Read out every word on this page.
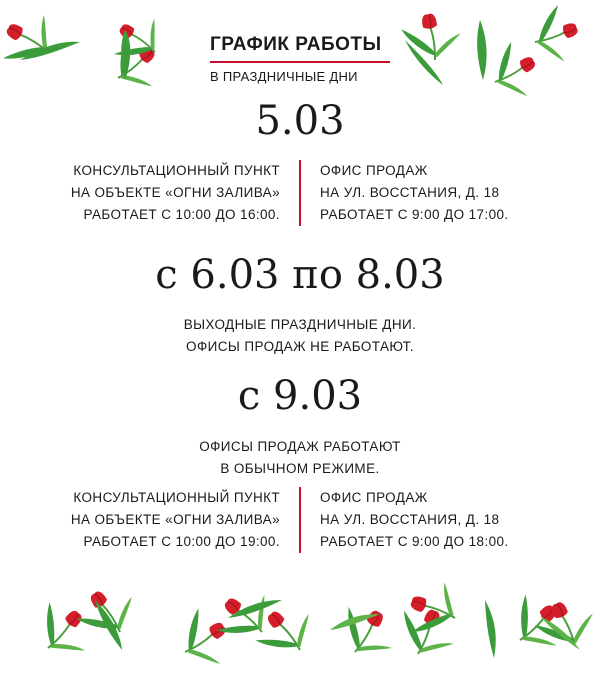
ГРАФИК РАБОТЫ
В ПРАЗДНИЧНЫЕ ДНИ
5.03
КОНСУЛЬТАЦИОННЫЙ ПУНКТ
НА ОБЪЕКТЕ «ОГНИ ЗАЛИВА»
РАБОТАЕТ С 10:00 ДО 16:00.
ОФИС ПРОДАЖ
НА УЛ. ВОССТАНИЯ, Д. 18
РАБОТАЕТ С 9:00 ДО 17:00.
с 6.03 по 8.03
ВЫХОДНЫЕ ПРАЗДНИЧНЫЕ ДНИ.
ОФИСЫ ПРОДАЖ НЕ РАБОТАЮТ.
с 9.03
ОФИСЫ ПРОДАЖ РАБОТАЮТ
В ОБЫЧНОМ РЕЖИМЕ.
КОНСУЛЬТАЦИОННЫЙ ПУНКТ
НА ОБЪЕКТЕ «ОГНИ ЗАЛИВА»
РАБОТАЕТ С 10:00 ДО 19:00.
ОФИС ПРОДАЖ
НА УЛ. ВОССТАНИЯ, Д. 18
РАБОТАЕТ С 9:00 ДО 18:00.
